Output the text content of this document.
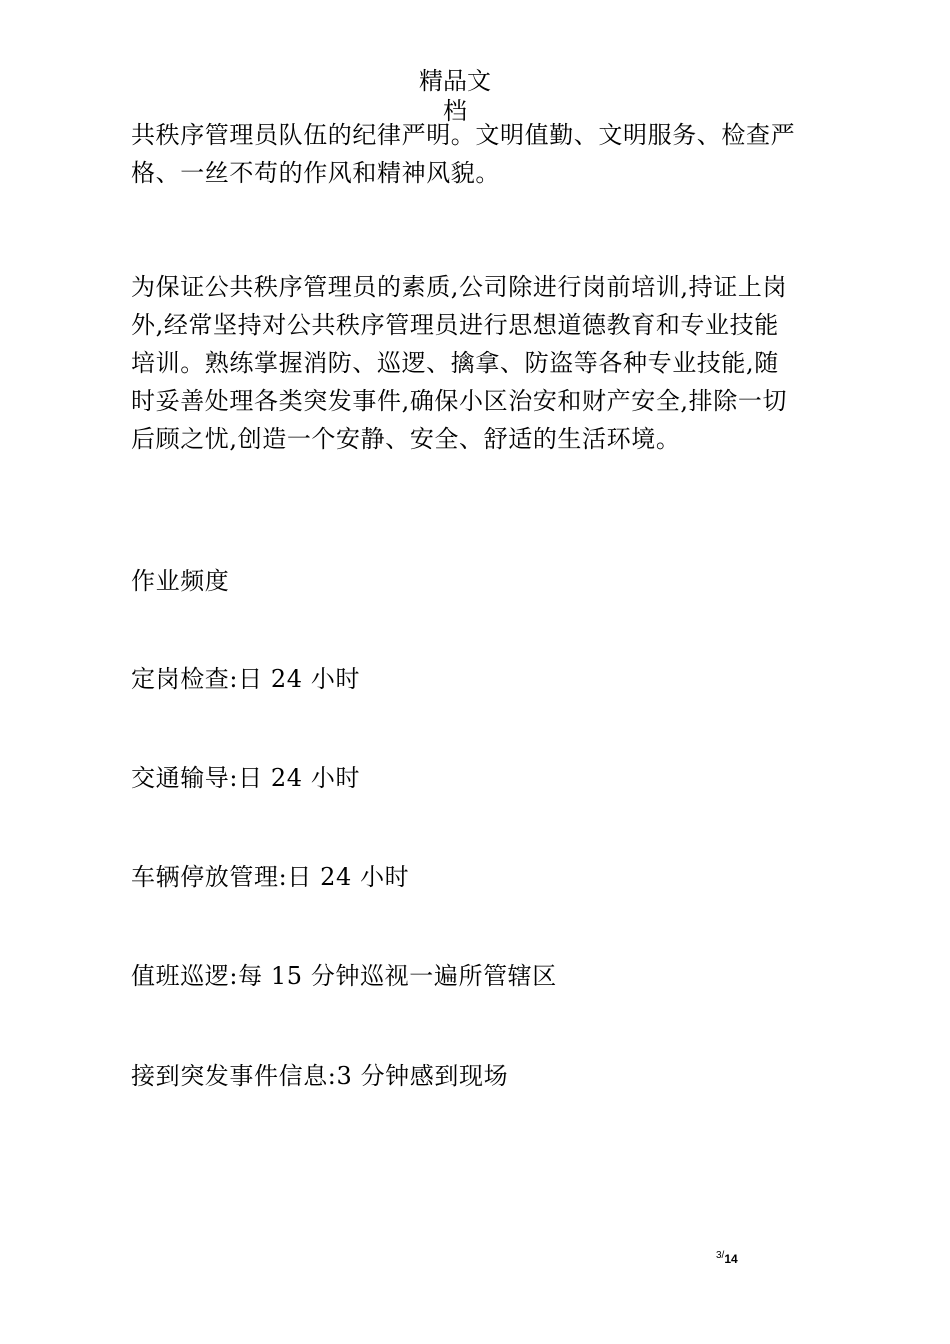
精品文
档
共秩序管理员队伍的纪律严明。文明值勤、文明服务、检查严
格、一丝不苟的作风和精神风貌。
为保证公共秩序管理员的素质,公司除进行岗前培训,持证上岗
外,经常坚持对公共秩序管理员进行思想道德教育和专业技能
培训。熟练掌握消防、巡逻、擒拿、防盗等各种专业技能,随
时妥善处理各类突发事件,确保小区治安和财产安全,排除一切
后顾之忧,创造一个安静、安全、舒适的生活环境。
作业频度
定岗检查:日 24 小时
交通输导:日 24 小时
车辆停放管理:日 24 小时
值班巡逻:每 15 分钟巡视一遍所管辖区
接到突发事件信息:3 分钟感到现场
$^{3/}$14
